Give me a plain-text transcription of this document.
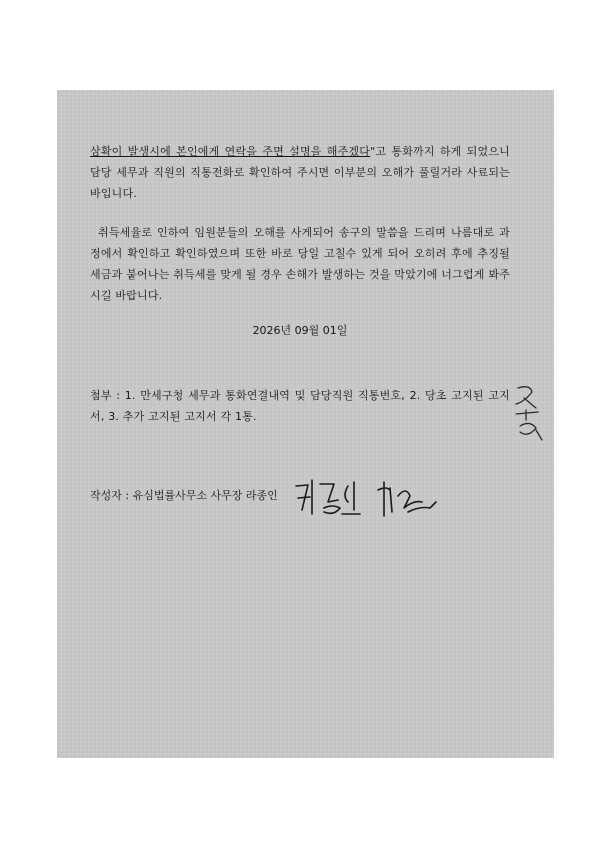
삼확이 발생시에 본인에게 연락을 주면 설명을 해주겠다"고 통화까지 하게 되었으니 담당 세무과 직원의 직통전화로 확인하여 주시면 이부분의 오해가 풀릴거라 사료되는 바입니다.

취득세율로 인하여 임원분들의 오해를 사게되어 송구의 말씀을 드리며 나름대로 과정에서 확인하고 확인하였으며 또한 바로 당일 고칠수 있게 되어 오히려 후에 추징될 세금과 붙어나는 취득세를 맞게 될 경우 손해가 발생하는 것을 막았기에 너그럽게 봐주시길 바랍니다.

2026년 09월 01일

첨부 : 1. 만세구청 세무과 통화연결내역 및 담당직원 직통번호, 2. 당초 고지된 고지서, 3. 추가 고지된 고지서 각 1통.

작성자 : 유심법률사무소 사무장 라종인
